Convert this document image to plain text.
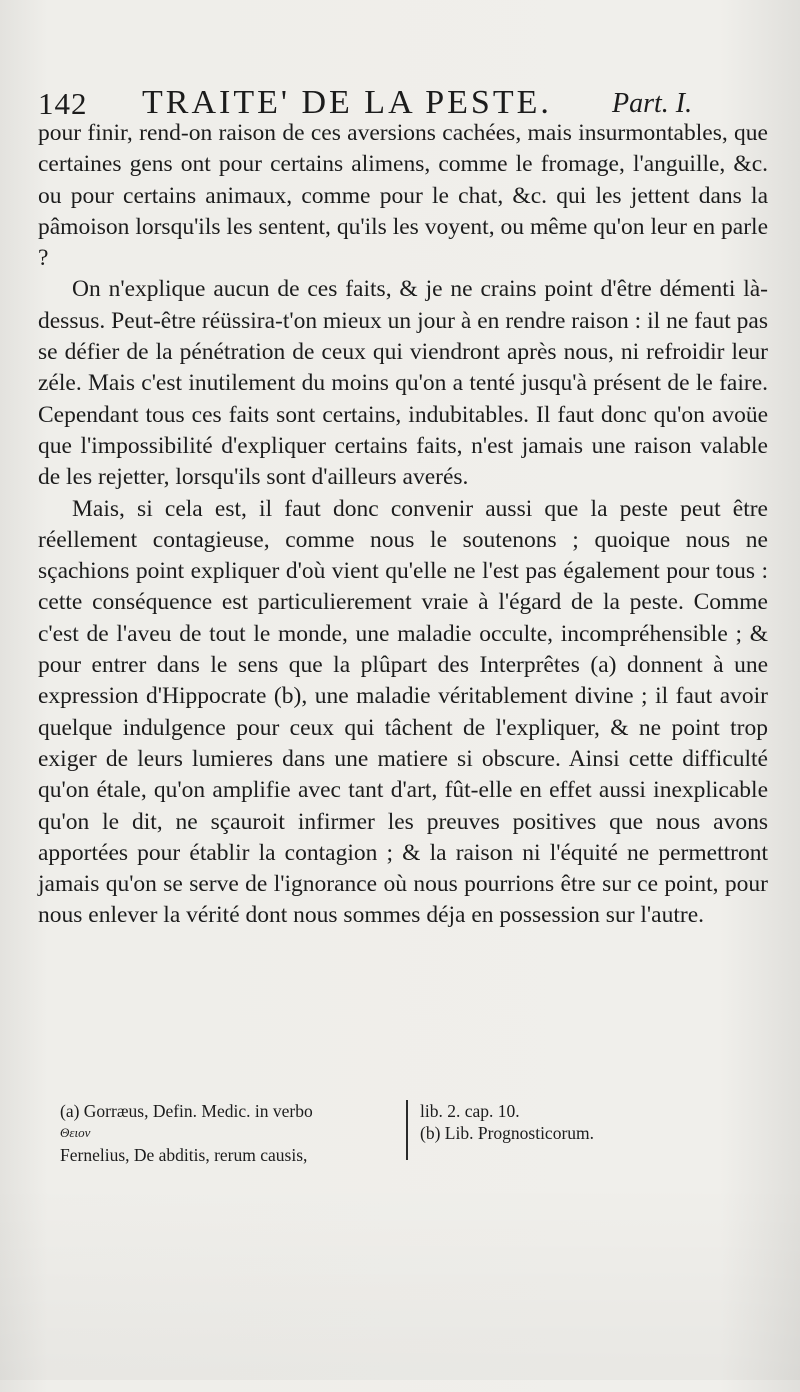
142 TRAITE' DE LA PESTE. Part. I.

pour finir, rend-on raison de ces aversions cachées, mais insurmontables, que certaines gens ont pour certains alimens, comme le fromage, l'anguille, &c. ou pour certains animaux, comme pour le chat, &c. qui les jettent dans la pâmoison lorsqu'ils les sentent, qu'ils les voyent, ou même qu'on leur en parle ?

On n'explique aucun de ces faits, & je ne crains point d'être démenti là-dessus. Peut-être réüssira-t'on mieux un jour à en rendre raison : il ne faut pas se défier de la pénétration de ceux qui viendront après nous, ni refroidir leur zéle. Mais c'est inutilement du moins qu'on a tenté jusqu'à présent de le faire. Cependant tous ces faits sont certains, indubitables. Il faut donc qu'on avoüe que l'impossibilité d'expliquer certains faits, n'est jamais une raison valable de les rejetter, lorsqu'ils sont d'ailleurs averés.

Mais, si cela est, il faut donc convenir aussi que la peste peut être réellement contagieuse, comme nous le soutenons ; quoique nous ne sçachions point expliquer d'où vient qu'elle ne l'est pas également pour tous : cette conséquence est particulierement vraie à l'égard de la peste. Comme c'est de l'aveu de tout le monde, une maladie occulte, incompréhensible ; & pour entrer dans le sens que la plûpart des Interprêtes (a) donnent à une expression d'Hippocrate (b), une maladie véritablement divine ; il faut avoir quelque indulgence pour ceux qui tâchent de l'expliquer, & ne point trop exiger de leurs lumieres dans une matiere si obscure. Ainsi cette difficulté qu'on étale, qu'on amplifie avec tant d'art, fût-elle en effet aussi inexplicable qu'on le dit, ne sçauroit infirmer les preuves positives que nous avons apportées pour établir la contagion ; & la raison ni l'équité ne permettront jamais qu'on se serve de l'ignorance où nous pourrions être sur ce point, pour nous enlever la vérité dont nous sommes déja en possession sur l'autre.

(a) Gorræus, Defin. Medic. in verbo
Θειον
Fernelius, De abditis, rerum causis,
lib. 2. cap. 10.
(b) Lib. Prognosticorum.
